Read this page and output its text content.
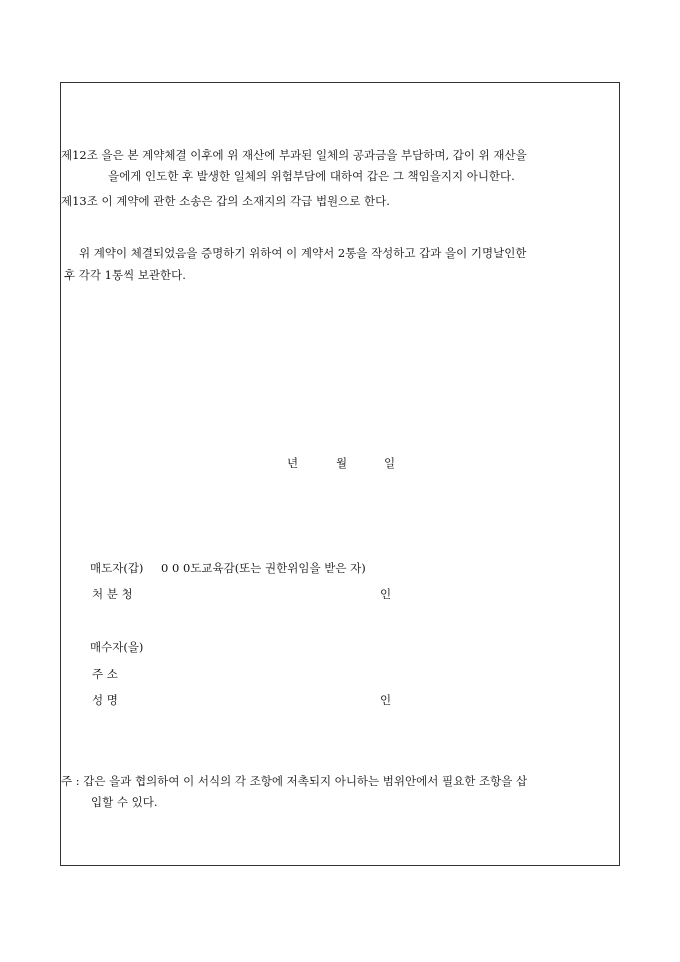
제12조 을은 본 계약체결 이후에 위 재산에 부과된 일체의 공과금을 부담하며, 갑이 위 재산을
을에게 인도한 후 발생한 일체의 위험부담에 대하여 갑은 그 책임을지지 아니한다.
제13조 이 계약에 관한 소송은 갑의 소재지의 각급 법원으로 한다.
위 계약이 체결되었음을 증명하기 위하여 이 계약서 2통을 작성하고 갑과 을이 기명날인한
후 각각 1통씩 보관한다.
년	월	일
매도자(갑) 0 0 0도교육감(또는 권한위임을 받은 자)
처 분 청	인
매수자(을)
주 소
성 명	인
주 : 갑은 을과 협의하여 이 서식의 각 조항에 저촉되지 아니하는 범위안에서 필요한 조항을 삽
입할 수 있다.
